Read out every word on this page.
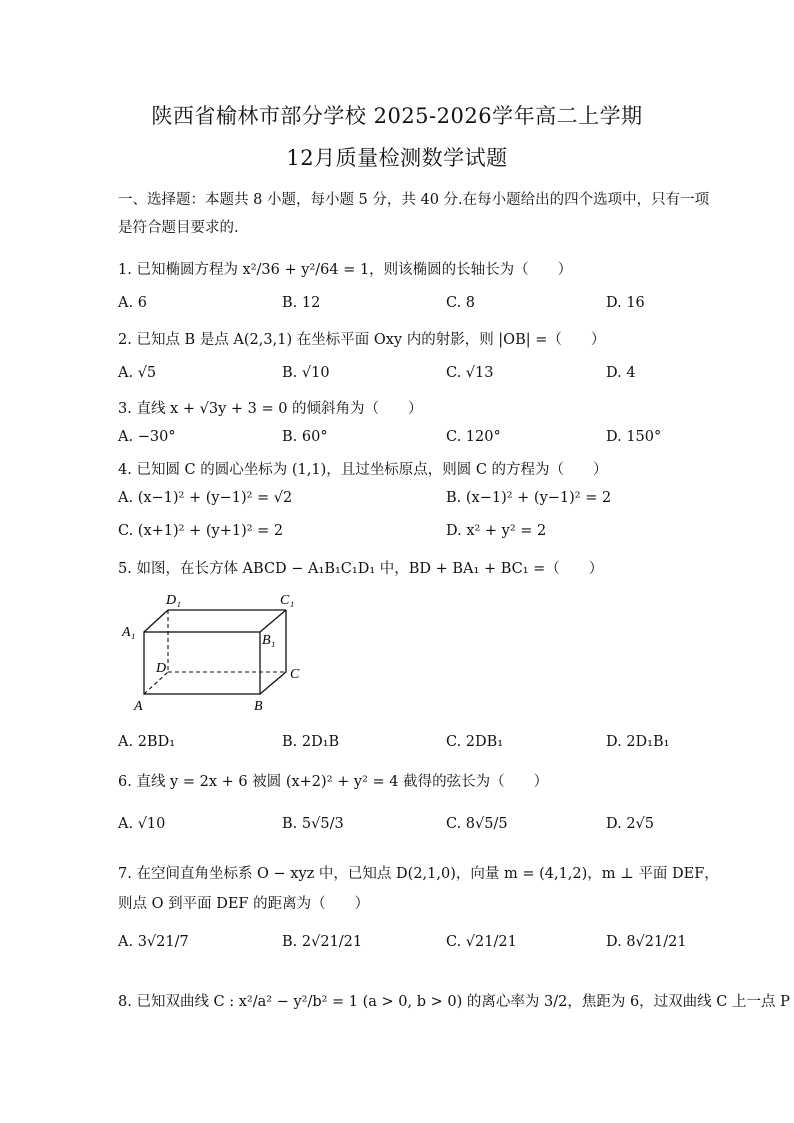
陕西省榆林市部分学校 2025-2026学年高二上学期
12月质量检测数学试题
一、选择题：本题共 8 小题，每小题 5 分，共 40 分.在每小题给出的四个选项中，只有一项
是符合题目要求的.
1. 已知椭圆方程为 x²/36 + y²/64 = 1，则该椭圆的长轴长为（　　）
A. 6	B. 12	C. 8	D. 16
2. 已知点 B 是点 A(2,3,1) 在坐标平面 Oxy 内的射影，则 |OB| =（　　）
A. √5	B. √10	C. √13	D. 4
3. 直线 x + √3y + 3 = 0 的倾斜角为（　　）
A. −30°	B. 60°	C. 120°	D. 150°
4. 已知圆 C 的圆心坐标为 (1,1)，且过坐标原点，则圆 C 的方程为（　　）
A. (x−1)² + (y−1)² = √2	B. (x−1)² + (y−1)² = 2
C. (x+1)² + (y+1)² = 2	D. x² + y² = 2
5. 如图，在长方体 ABCD − A₁B₁C₁D₁ 中，BD + BA₁ + BC₁ =（　　）
D₁	C₁
A₁
B₁
D	C
A	B
A. 2BD₁	B. 2D₁B	C. 2DB₁	D. 2D₁B₁
6. 直线 y = 2x + 6 被圆 (x+2)² + y² = 4 截得的弦长为（　　）
A. √10	B. 5√5/3	C. 8√5/5	D. 2√5
7. 在空间直角坐标系 O − xyz 中，已知点 D(2,1,0)，向量 m = (4,1,2)，m ⊥ 平面 DEF，
则点 O 到平面 DEF 的距离为（　　）
A. 3√21/7	B. 2√21/21	C. √21/21	D. 8√21/21
8. 已知双曲线 C : x²/a² − y²/b² = 1 (a > 0, b > 0) 的离心率为 3/2，焦距为 6，过双曲线 C 上一点 P
